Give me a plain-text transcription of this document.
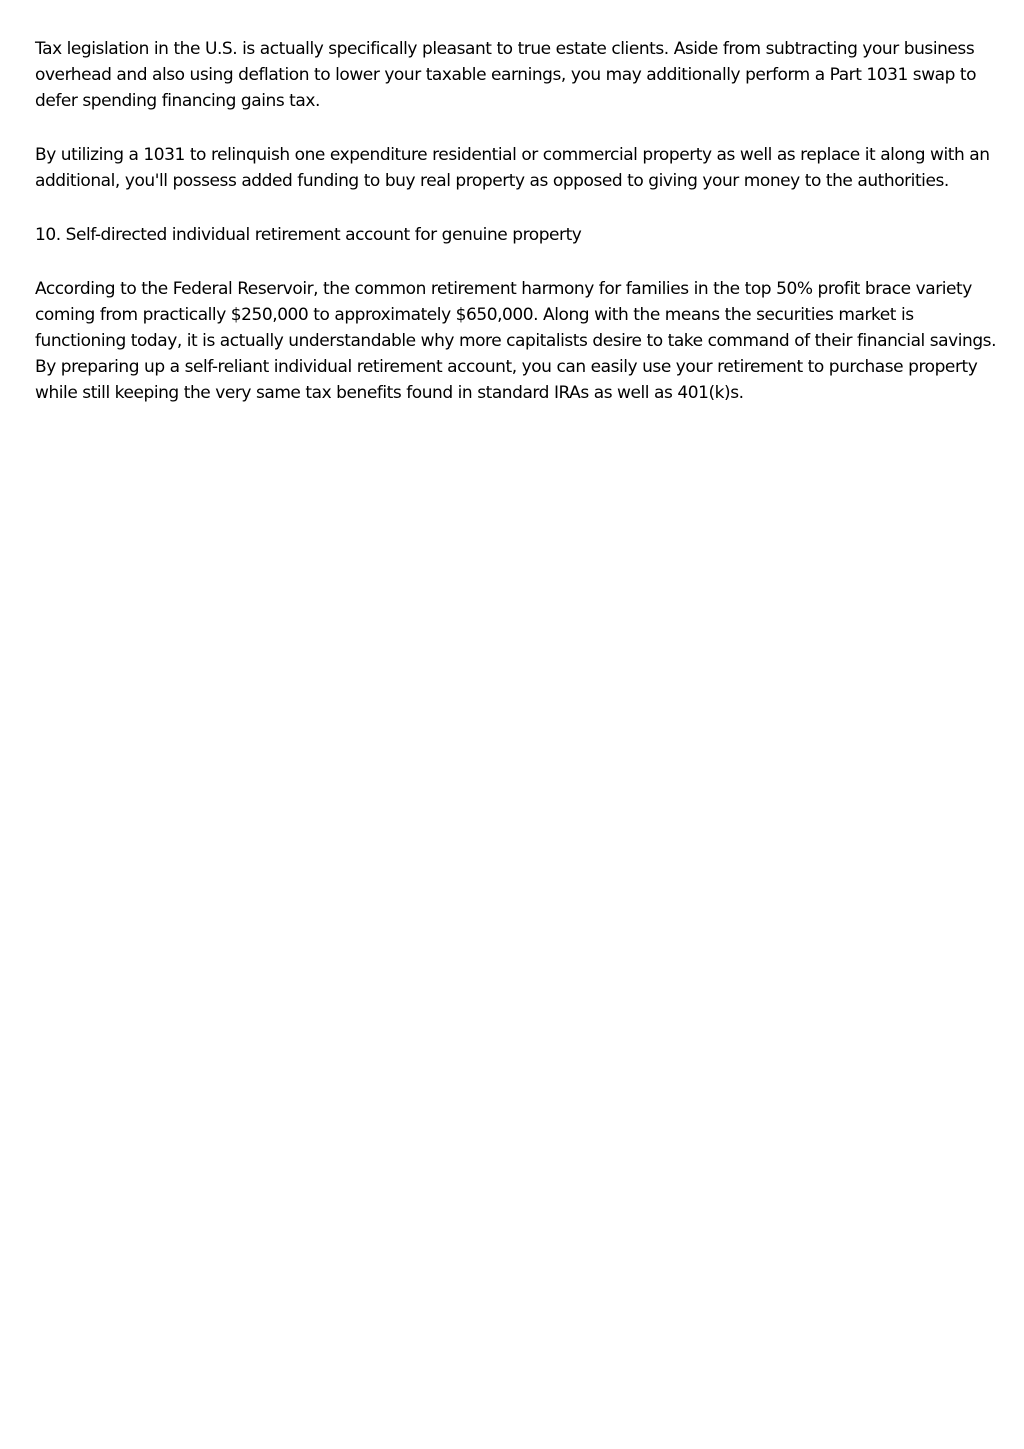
Tax legislation in the U.S. is actually specifically pleasant to true estate clients. Aside from subtracting your business overhead and also using deflation to lower your taxable earnings, you may additionally perform a Part 1031 swap to defer spending financing gains tax.

By utilizing a 1031 to relinquish one expenditure residential or commercial property as well as replace it along with an additional, you'll possess added funding to buy real property as opposed to giving your money to the authorities.

10. Self-directed individual retirement account for genuine property

According to the Federal Reservoir, the common retirement harmony for families in the top 50% profit brace variety coming from practically $250,000 to approximately $650,000. Along with the means the securities market is functioning today, it is actually understandable why more capitalists desire to take command of their financial savings. By preparing up a self-reliant individual retirement account, you can easily use your retirement to purchase property while still keeping the very same tax benefits found in standard IRAs as well as 401(k)s.
